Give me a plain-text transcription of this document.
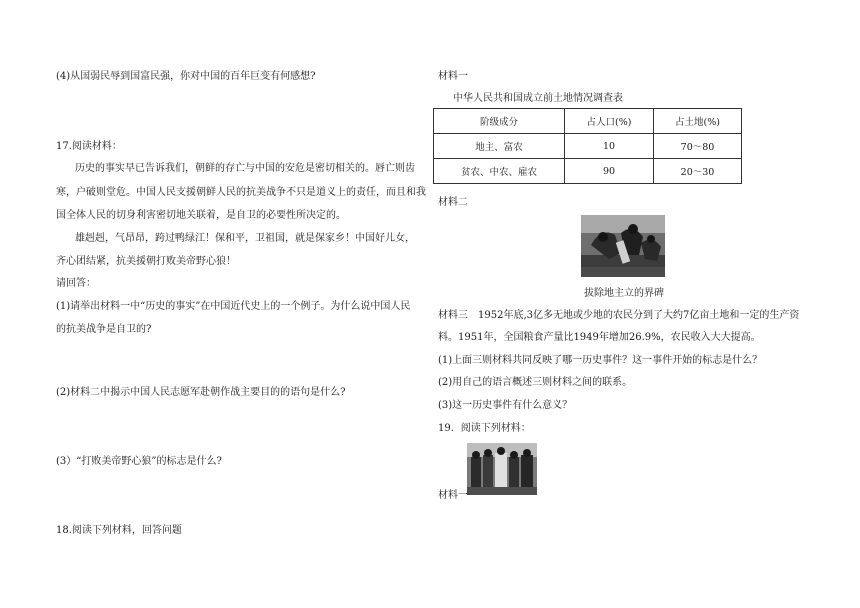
(4)从国弱民辱到国富民强，你对中国的百年巨变有何感想?
17.阅读材料：
历史的事实早已告诉我们，朝鲜的存亡与中国的安危是密切相关的。唇亡则齿
寒，户破则堂危。中国人民支援朝鲜人民的抗美战争不只是道义上的责任，而且和我
国全体人民的切身利害密切地关联着，是自卫的必要性所决定的。
雄赳赳，气昂昂，跨过鸭绿江！保和平，卫祖国，就是保家乡！中国好儿女，
齐心团结紧，抗美援朝打败美帝野心狼！
请回答：
(1)请举出材料一中“历史的事实”在中国近代史上的一个例子。为什么说中国人民
的抗美战争是自卫的?
(2)材料二中揭示中国人民志愿军赴朝作战主要目的的语句是什么?
(3）“打败美帝野心狼”的标志是什么?
18.阅读下列材料，回答问题
材料一
中华人民共和国成立前土地情况调查表
阶级成分	占人口(%)	占土地(%)
地主、富农	10	70～80
贫农、中农、雇农	90	20～30
材料二
拔除地主立的界碑
材料三　1952年底,3亿多无地或少地的农民分到了大约7亿亩土地和一定的生产资
料。1951年，全国粮食产量比1949年增加26.9%，农民收入大大提高。
(1)上面三则材料共同反映了哪一历史事件？这一事件开始的标志是什么？
(2)用自己的语言概述三则材料之间的联系。
(3)这一历史事件有什么意义？
19．阅读下列材料：
材料一
